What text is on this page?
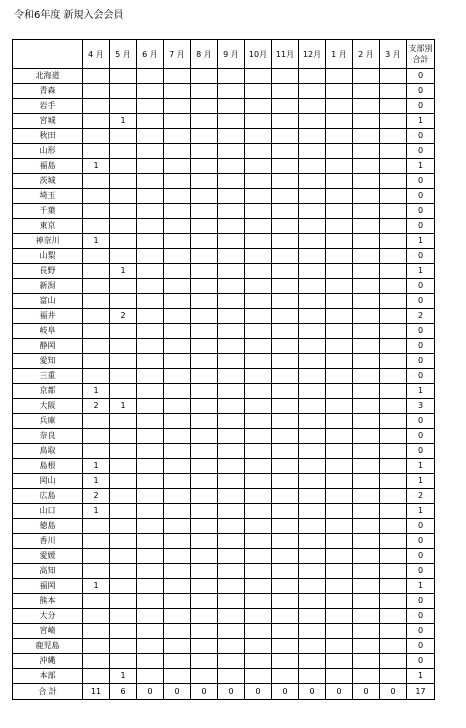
令和6年度 新規入会会員
	4 月	5 月	6 月	7 月	8 月	9 月	10月	11月	12月	1 月	2 月	3 月	支部別
合計
北海道													0
青森													0
岩手													0
宮城		1											1
秋田													0
山形													0
福島	1												1
茨城													0
埼玉													0
千葉													0
東京													0
神奈川	1												1
山梨													0
長野		1											1
新潟													0
富山													0
福井		2											2
岐阜													0
静岡													0
愛知													0
三重													0
京都	1												1
大阪	2	1											3
兵庫													0
奈良													0
鳥取													0
島根	1												1
岡山	1												1
広島	2												2
山口	1												1
徳島													0
香川													0
愛媛													0
高知													0
福岡	1												1
熊本													0
大分													0
宮崎													0
鹿児島													0
沖縄													0
本部		1											1
合 計	11	6	0	0	0	0	0	0	0	0	0	0	17
